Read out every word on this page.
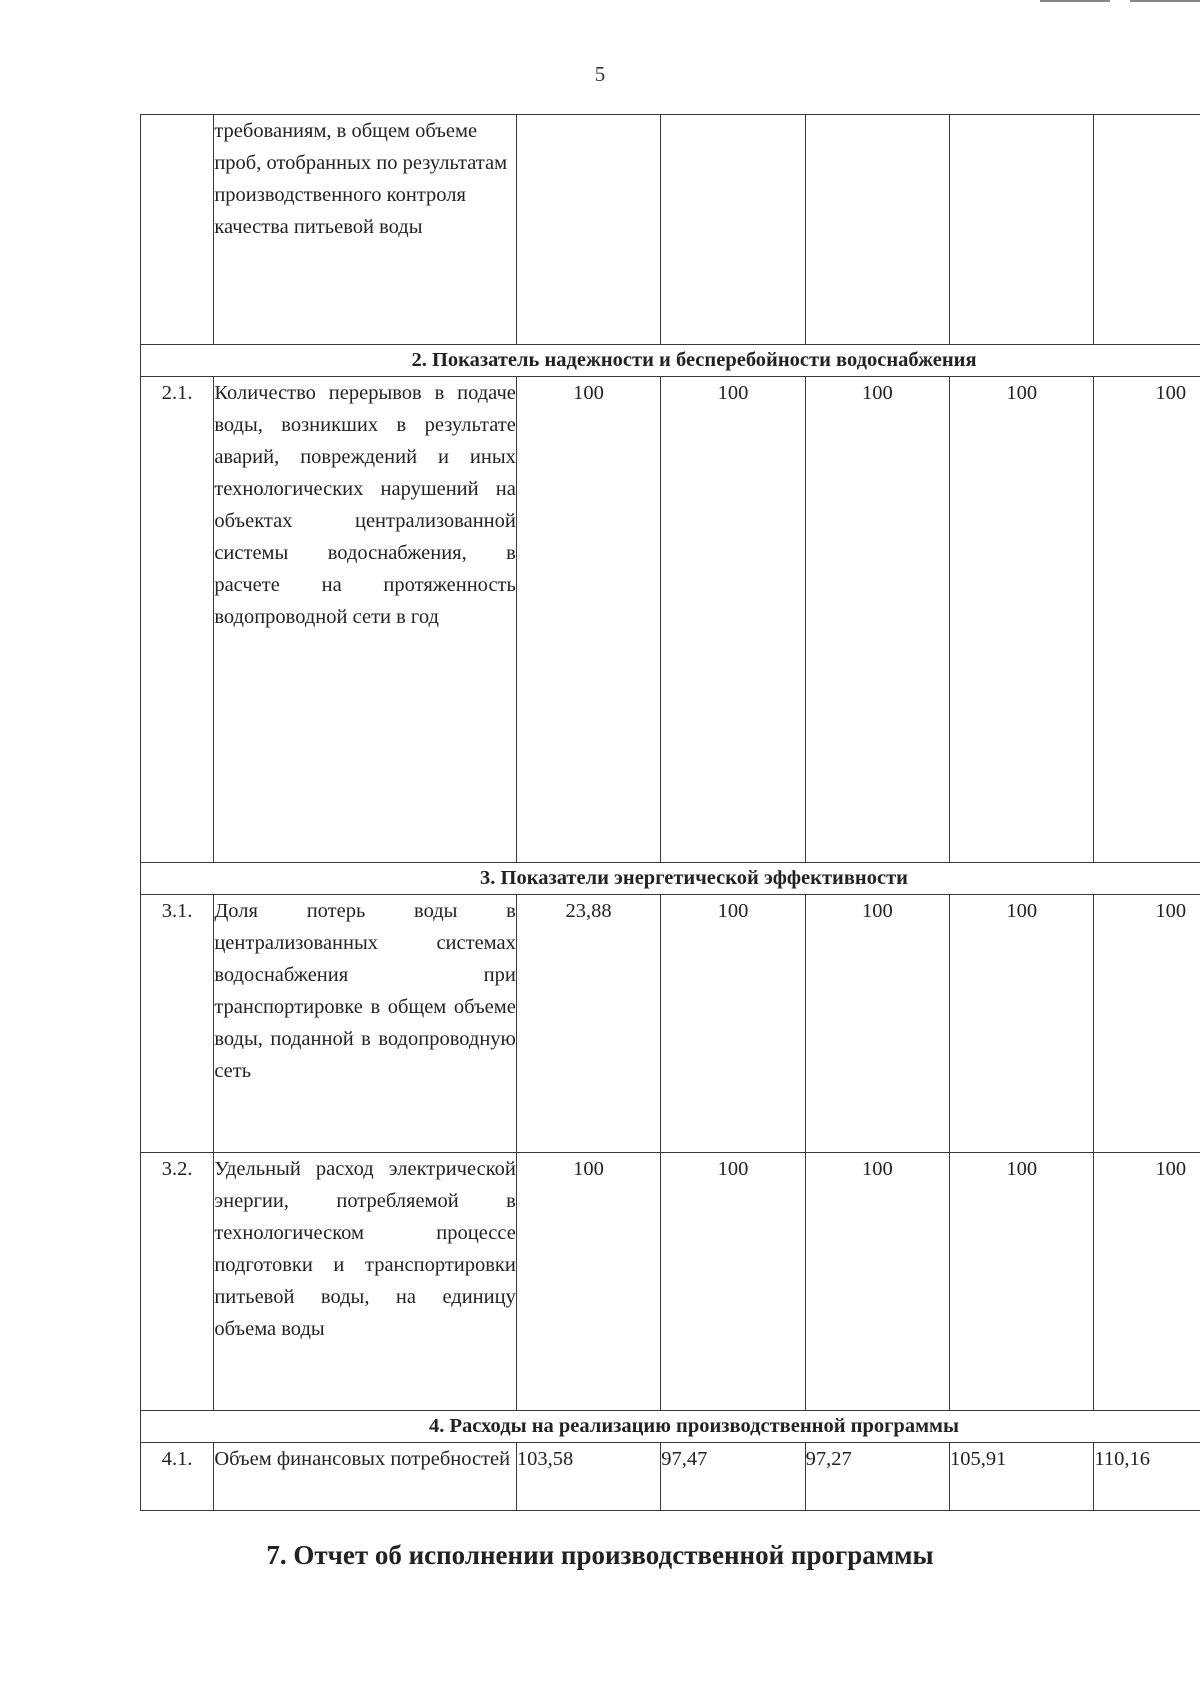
5
	требованиям, в общем объеме проб, отобранных по результатам производственного контроля качества питьевой воды					
2. Показатель надежности и бесперебойности водоснабжения						
2.1.	Количество перерывов в подаче воды, возникших в результате аварий, повреждений и иных технологических нарушений на объектах централизованной системы водоснабжения, в расчете на протяженность водопроводной сети в год	100	100	100	100	100
3. Показатели энергетической эффективности						
3.1.	Доля потерь воды в централизованных системах водоснабжения при транспортировке в общем объеме воды, поданной в водопроводную сеть	23,88	100	100	100	100
3.2.	Удельный расход электрической энергии, потребляемой в технологическом процессе подготовки и транспортировки питьевой воды, на единицу объема воды	100	100	100	100	100
4. Расходы на реализацию производственной программы						
4.1.	Объем финансовых потребностей	103,58	97,47	97,27	105,91	110,16
7. Отчет об исполнении производственной программы
